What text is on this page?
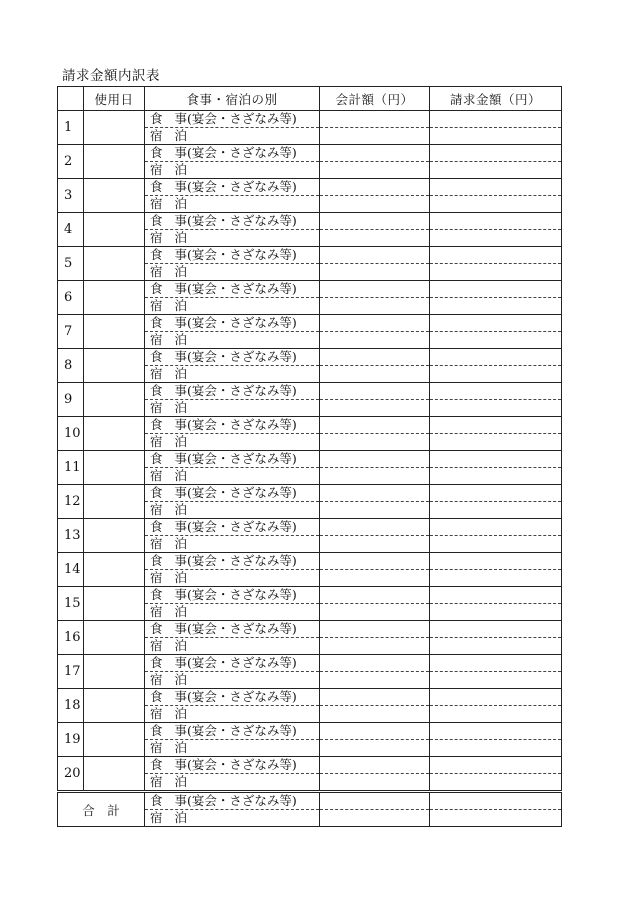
請求金額内訳表
	使用日	食事・宿泊の別	会計額（円）	請求金額（円）
1		食 事(宴会・さざなみ等)		
		宿 泊		
2		食 事(宴会・さざなみ等)		
		宿 泊		
3		食 事(宴会・さざなみ等)		
		宿 泊		
4		食 事(宴会・さざなみ等)		
		宿 泊		
5		食 事(宴会・さざなみ等)		
		宿 泊		
6		食 事(宴会・さざなみ等)		
		宿 泊		
7		食 事(宴会・さざなみ等)		
		宿 泊		
8		食 事(宴会・さざなみ等)		
		宿 泊		
9		食 事(宴会・さざなみ等)		
		宿 泊		
10		食 事(宴会・さざなみ等)		
		宿 泊		
11		食 事(宴会・さざなみ等)		
		宿 泊		
12		食 事(宴会・さざなみ等)		
		宿 泊		
13		食 事(宴会・さざなみ等)		
		宿 泊		
14		食 事(宴会・さざなみ等)		
		宿 泊		
15		食 事(宴会・さざなみ等)		
		宿 泊		
16		食 事(宴会・さざなみ等)		
		宿 泊		
17		食 事(宴会・さざなみ等)		
		宿 泊		
18		食 事(宴会・さざなみ等)		
		宿 泊		
19		食 事(宴会・さざなみ等)		
		宿 泊		
20		食 事(宴会・さざなみ等)		
		宿 泊		
合　計		食 事(宴会・さざなみ等)		
		宿 泊		
